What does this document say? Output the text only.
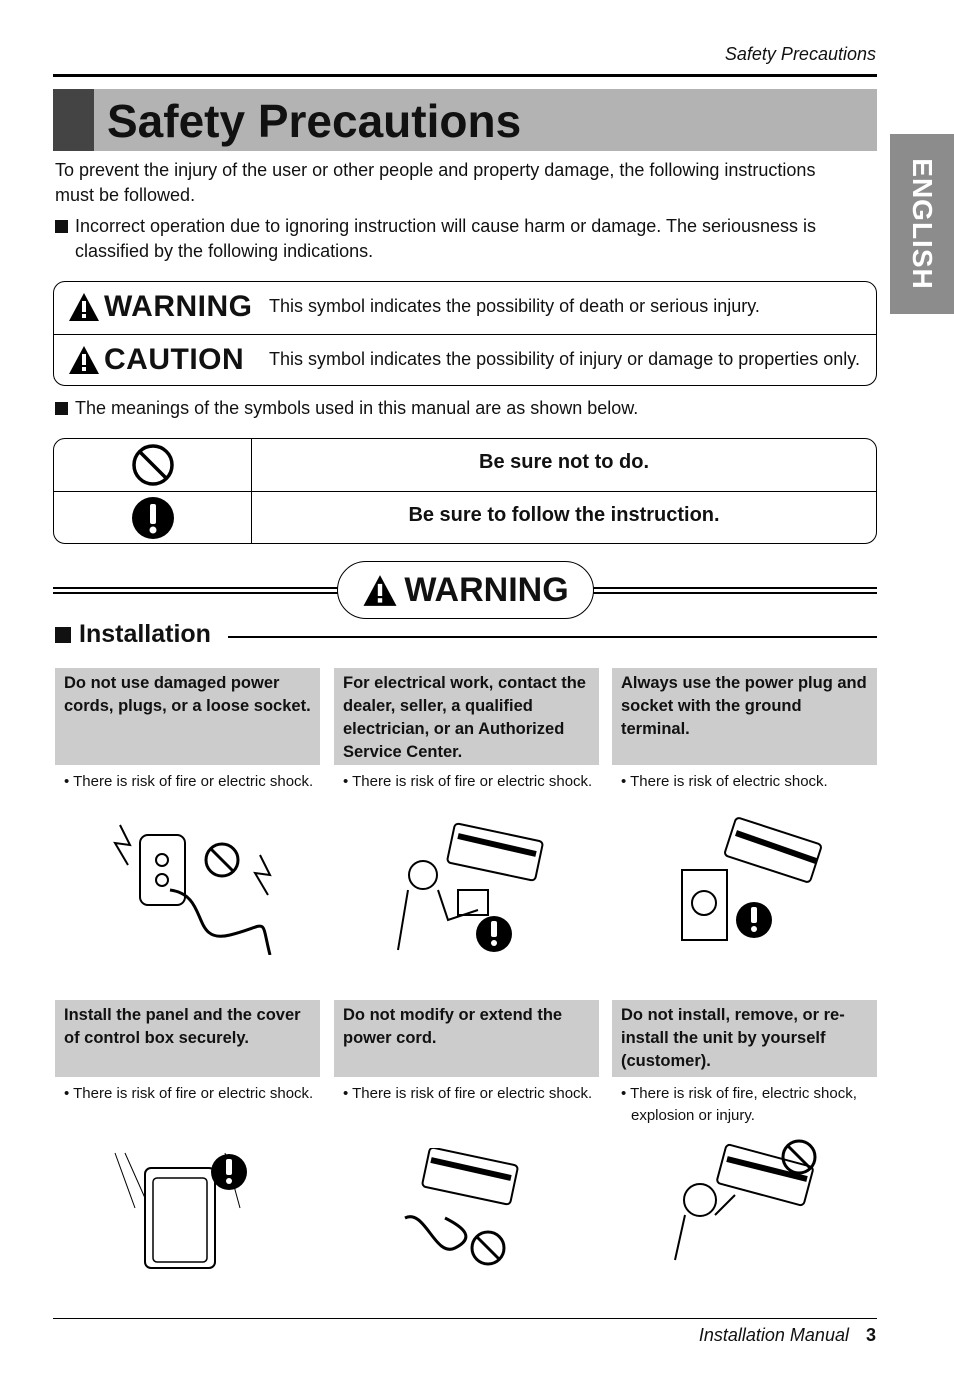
Safety Precautions
Safety Precautions
ENGLISH

To prevent the injury of the user or other people and property damage, the following instructions must be followed.

Incorrect operation due to ignoring instruction will cause harm or damage. The seriousness is classified by the following indications.
WARNING This symbol indicates the possibility of death or serious injury.
CAUTION This symbol indicates the possibility of injury or damage to properties only.
The meanings of the symbols used in this manual are as shown below.
Be sure not to do.
Be sure to follow the instruction.
WARNING
Installation
Do not use damaged power cords, plugs, or a loose socket.
• There is risk of fire or electric shock.
For electrical work, contact the dealer, seller, a qualified electrician, or an Authorized Service Center.
• There is risk of fire or electric shock.
Always use the power plug and socket with the ground terminal.
• There is risk of electric shock.
Install the panel and the cover of control box securely.
• There is risk of fire or electric shock.
Do not modify or extend the power cord.
• There is risk of fire or electric shock.
Do not install, remove, or re-install the unit by yourself (customer).
• There is risk of fire, electric shock,
explosion or injury.
Installation Manual 3
